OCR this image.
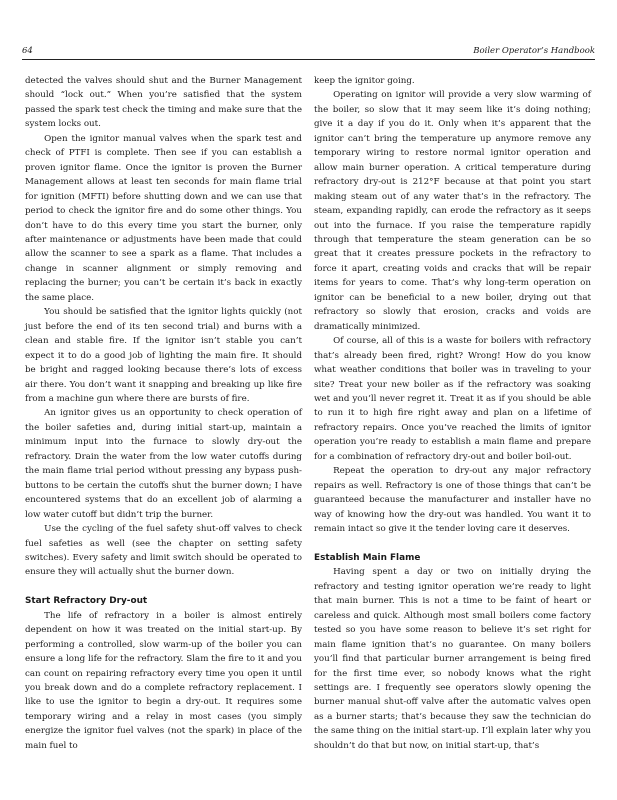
64	Boiler Operator’s Handbook

detected the valves should shut and the Burner Management should “lock out.” When you’re satisfied that the system passed the spark test check the timing and make sure that the system locks out.

Open the ignitor manual valves when the spark test and check of PTFI is complete. Then see if you can establish a proven ignitor flame. Once the ignitor is proven the Burner Management allows at least ten seconds for main flame trial for ignition (MFTI) before shutting down and we can use that period to check the ignitor fire and do some other things. You don’t have to do this every time you start the burner, only after maintenance or adjustments have been made that could allow the scanner to see a spark as a flame. That includes a change in scanner alignment or simply removing and replacing the burner; you can’t be certain it’s back in exactly the same place.

You should be satisfied that the ignitor lights quickly (not just before the end of its ten second trial) and burns with a clean and stable fire. If the ignitor isn’t stable you can’t expect it to do a good job of lighting the main fire. It should be bright and ragged looking because there’s lots of excess air there. You don’t want it snapping and breaking up like fire from a machine gun where there are bursts of fire.

An ignitor gives us an opportunity to check operation of the boiler safeties and, during initial start-up, maintain a minimum input into the furnace to slowly dry-out the refractory. Drain the water from the low water cutoffs during the main flame trial period without pressing any bypass push-buttons to be certain the cutoffs shut the burner down; I have encountered systems that do an excellent job of alarming a low water cutoff but didn’t trip the burner.

Use the cycling of the fuel safety shut-off valves to check fuel safeties as well (see the chapter on setting safety switches). Every safety and limit switch should be operated to ensure they will actually shut the burner down.

Start Refractory Dry-out

The life of refractory in a boiler is almost entirely dependent on how it was treated on the initial start-up. By performing a controlled, slow warm-up of the boiler you can ensure a long life for the refractory. Slam the fire to it and you can count on repairing refractory every time you open it until you break down and do a complete refractory replacement. I like to use the ignitor to begin a dry-out. It requires some temporary wiring and a relay in most cases (you simply energize the ignitor fuel valves (not the spark) in place of the main fuel to

keep the ignitor going.

Operating on ignitor will provide a very slow warming of the boiler, so slow that it may seem like it’s doing nothing; give it a day if you do it. Only when it’s apparent that the ignitor can’t bring the temperature up anymore remove any temporary wiring to restore normal ignitor operation and allow main burner operation. A critical temperature during refractory dry-out is 212°F because at that point you start making steam out of any water that’s in the refractory. The steam, expanding rapidly, can erode the refractory as it seeps out into the furnace. If you raise the temperature rapidly through that temperature the steam generation can be so great that it creates pressure pockets in the refractory to force it apart, creating voids and cracks that will be repair items for years to come. That’s why long-term operation on ignitor can be beneficial to a new boiler, drying out that refractory so slowly that erosion, cracks and voids are dramatically minimized.

Of course, all of this is a waste for boilers with refractory that’s already been fired, right? Wrong! How do you know what weather conditions that boiler was in traveling to your site? Treat your new boiler as if the refractory was soaking wet and you’ll never regret it. Treat it as if you should be able to run it to high fire right away and plan on a lifetime of refractory repairs. Once you’ve reached the limits of ignitor operation you’re ready to establish a main flame and prepare for a combination of refractory dry-out and boiler boil-out.

Repeat the operation to dry-out any major refractory repairs as well. Refractory is one of those things that can’t be guaranteed because the manufacturer and installer have no way of knowing how the dry-out was handled. You want it to remain intact so give it the tender loving care it deserves.

Establish Main Flame

Having spent a day or two on initially drying the refractory and testing ignitor operation we’re ready to light that main burner. This is not a time to be faint of heart or careless and quick. Although most small boilers come factory tested so you have some reason to believe it’s set right for main flame ignition that’s no guarantee. On many boilers you’ll find that particular burner arrangement is being fired for the first time ever, so nobody knows what the right settings are. I frequently see operators slowly opening the burner manual shut-off valve after the automatic valves open as a burner starts; that’s because they saw the technician do the same thing on the initial start-up. I’ll explain later why you shouldn’t do that but now, on initial start-up, that’s
